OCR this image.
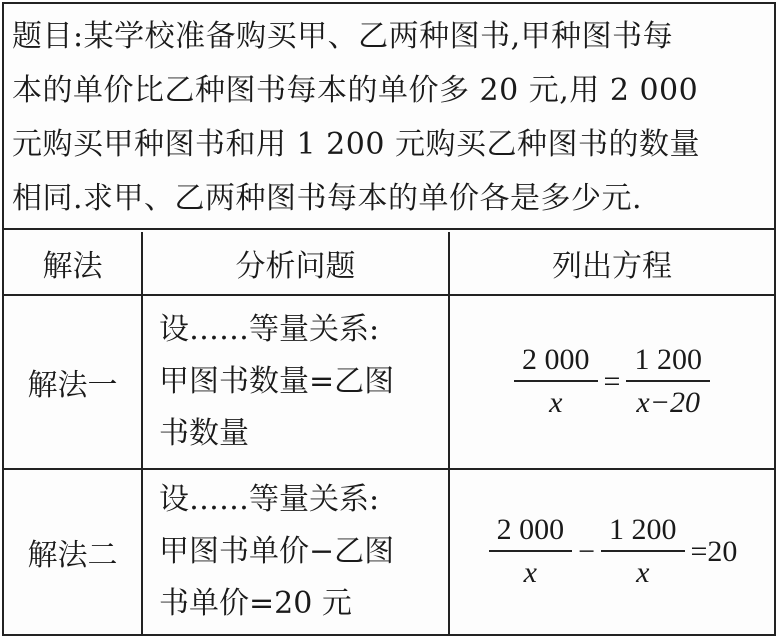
题目:某学校准备购买甲、乙两种图书,甲种图书每
本的单价比乙种图书每本的单价多 20 元,用 2 000
元购买甲种图书和用 1 200 元购买乙种图书的数量
相同.求甲、乙两种图书每本的单价各是多少元.
解法	分析问题	列出方程
解法一
设……等量关系:
甲图书数量=乙图
书数量
$\frac{2 000}{x} = \frac{1 200}{x-20}$
解法二
设……等量关系:
甲图书单价−乙图
书单价=20 元
$\frac{2 000}{x} - \frac{1 200}{x} =20$
